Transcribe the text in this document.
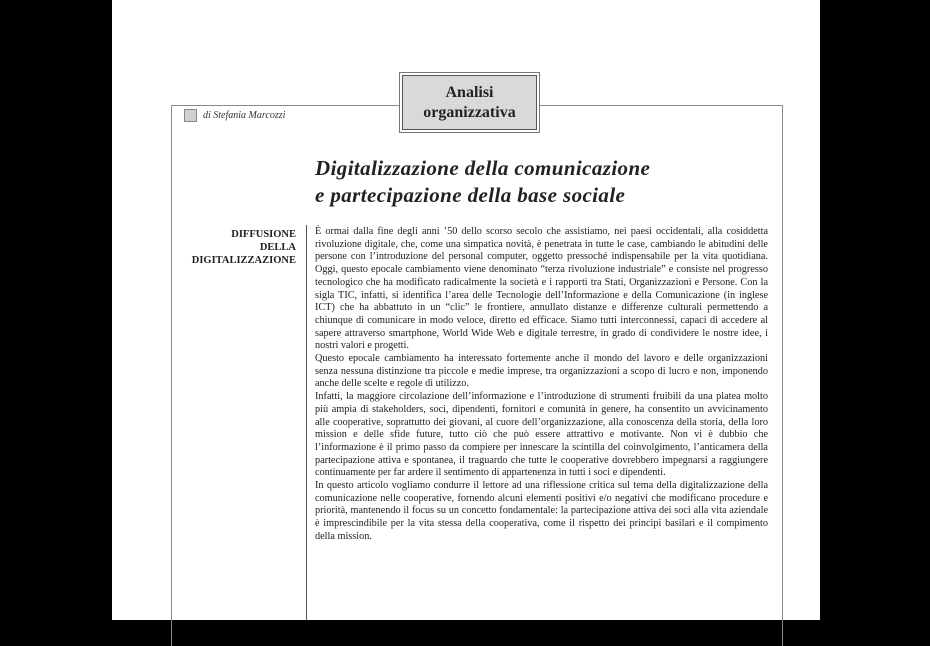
Analisi
organizzativa
di Stefania Marcozzi
Digitalizzazione della comunicazione
e partecipazione della base sociale
DIFFUSIONE
DELLA
DIGITALIZZAZIONE

È ormai dalla fine degli anni ’50 dello scorso secolo che assistiamo, nei paesi occidentali, alla cosiddetta rivoluzione digitale, che, come una simpatica novità, è penetrata in tutte le case, cambiando le abitudini delle persone con l’introduzione del personal computer, oggetto pressoché indispensabile per la vita quotidiana. Oggi, questo epocale cambiamento viene denominato “terza rivoluzione industriale” e consiste nel progresso tecnologico che ha modificato radicalmente la società e i rapporti tra Stati, Organizzazioni e Persone. Con la sigla TIC, infatti, si identifica l’area delle Tecnologie dell’Informazione e della Comunicazione (in inglese ICT) che ha abbattuto in un “clic” le frontiere, annullato distanze e differenze culturali permettendo a chiunque di comunicare in modo veloce, diretto ed efficace. Siamo tutti interconnessi, capaci di accedere al sapere attraverso smartphone, World Wide Web e digitale terrestre, in grado di condividere le nostre idee, i nostri valori e progetti.

Questo epocale cambiamento ha interessato fortemente anche il mondo del lavoro e delle organizzazioni senza nessuna distinzione tra piccole e medie imprese, tra organizzazioni a scopo di lucro e non, imponendo anche delle scelte e regole di utilizzo.

Infatti, la maggiore circolazione dell’informazione e l’introduzione di strumenti fruibili da una platea molto più ampia di stakeholders, soci, dipendenti, fornitori e comunità in genere, ha consentito un avvicinamento alle cooperative, soprattutto dei giovani, al cuore dell’organizzazione, alla conoscenza della storia, della loro mission e delle sfide future, tutto ciò che può essere attrattivo e motivante. Non vi è dubbio che l’informazione è il primo passo da compiere per innescare la scintilla del coinvolgimento, l’anticamera della partecipazione attiva e spontanea, il traguardo che tutte le cooperative dovrebbero impegnarsi a raggiungere continuamente per far ardere il sentimento di appartenenza in tutti i soci e dipendenti.

In questo articolo vogliamo condurre il lettore ad una riflessione critica sul tema della digitalizzazione della comunicazione nelle cooperative, fornendo alcuni elementi positivi e/o negativi che modificano procedure e priorità, mantenendo il focus su un concetto fondamentale: la partecipazione attiva dei soci alla vita aziendale è imprescindibile per la vita stessa della cooperativa, come il rispetto dei principi basilari e il compimento della mission.
